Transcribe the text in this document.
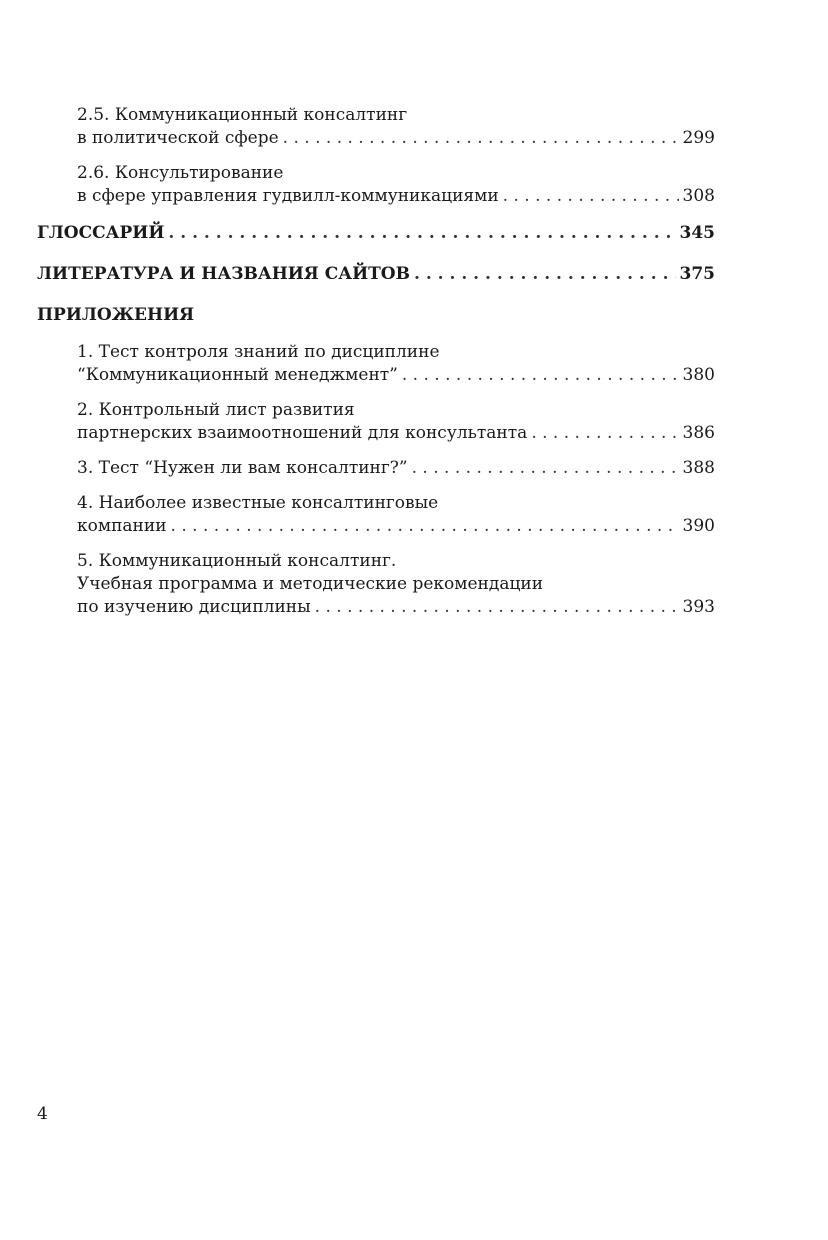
2.5. Коммуникационный консалтинг
в политической сфере . . .	299
2.6. Консультирование
в сфере управления гудвилл-коммуникациями . . .	308
ГЛОССАРИЙ . . .	345
ЛИТЕРАТУРА И НАЗВАНИЯ САЙТОВ . . .	375
ПРИЛОЖЕНИЯ
1. Тест контроля знаний по дисциплине
“Коммуникационный менеджмент” . . .	380
2. Контрольный лист развития
партнерских взаимоотношений для консультанта . . .	386
3. Тест “Нужен ли вам консалтинг?” . . .	388
4. Наиболее известные консалтинговые
компании . . .	390
5. Коммуникационный консалтинг.
Учебная программа и методические рекомендации
по изучению дисциплины . . .	393
4
